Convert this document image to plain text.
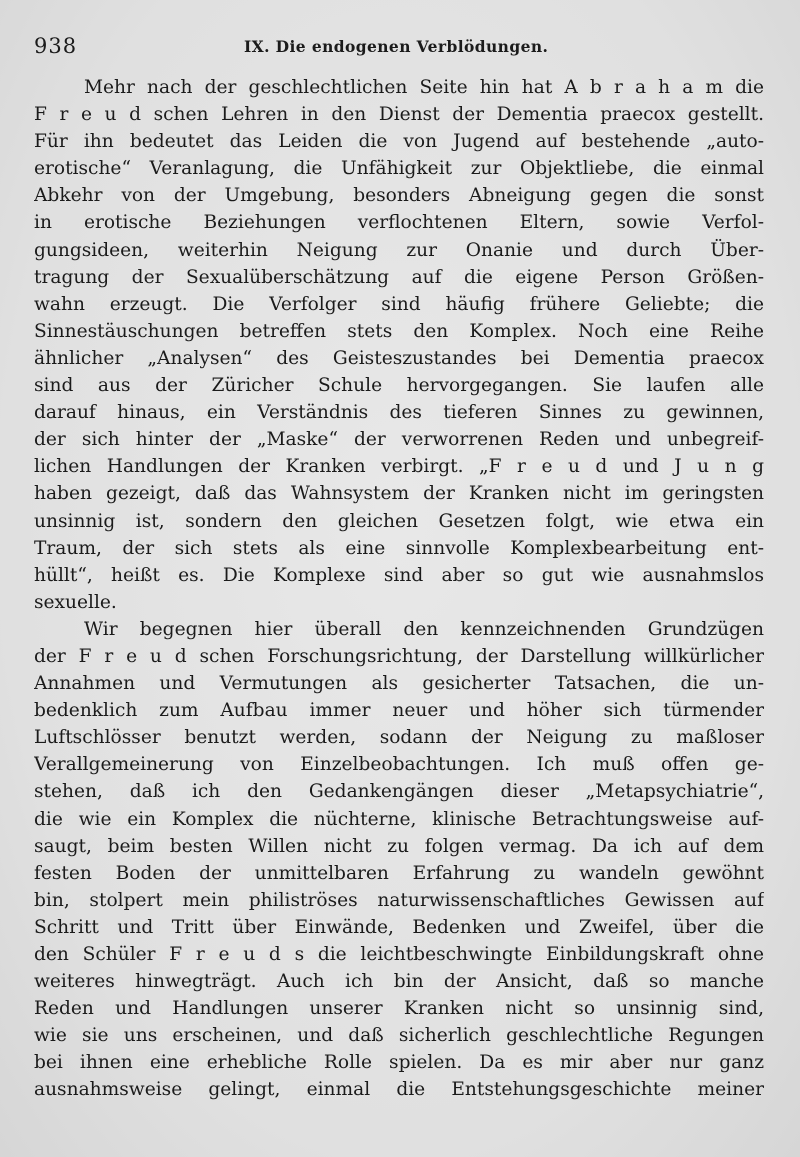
938	IX. Die endogenen Verblödungen.
Mehr nach der geschlechtlichen Seite hin hat A b r a h a m die
F r e u d schen Lehren in den Dienst der Dementia praecox gestellt.
Für ihn bedeutet das Leiden die von Jugend auf bestehende „auto-
erotische“ Veranlagung, die Unfähigkeit zur Objektliebe, die einmal
Abkehr von der Umgebung, besonders Abneigung gegen die sonst
in erotische Beziehungen verflochtenen Eltern, sowie Verfol-
gungsideen, weiterhin Neigung zur Onanie und durch Über-
tragung der Sexualüberschätzung auf die eigene Person Größen-
wahn erzeugt. Die Verfolger sind häufig frühere Geliebte; die
Sinnestäuschungen betreffen stets den Komplex. Noch eine Reihe
ähnlicher „Analysen“ des Geisteszustandes bei Dementia praecox
sind aus der Züricher Schule hervorgegangen. Sie laufen alle
darauf hinaus, ein Verständnis des tieferen Sinnes zu gewinnen,
der sich hinter der „Maske“ der verworrenen Reden und unbegreif-
lichen Handlungen der Kranken verbirgt. „F r e u d und J u n g
haben gezeigt, daß das Wahnsystem der Kranken nicht im geringsten
unsinnig ist, sondern den gleichen Gesetzen folgt, wie etwa ein
Traum, der sich stets als eine sinnvolle Komplexbearbeitung ent-
hüllt“, heißt es. Die Komplexe sind aber so gut wie ausnahmslos
sexuelle.
Wir begegnen hier überall den kennzeichnenden Grundzügen
der F r e u d schen Forschungsrichtung, der Darstellung willkürlicher
Annahmen und Vermutungen als gesicherter Tatsachen, die un-
bedenklich zum Aufbau immer neuer und höher sich türmender
Luftschlösser benutzt werden, sodann der Neigung zu maßloser
Verallgemeinerung von Einzelbeobachtungen. Ich muß offen ge-
stehen, daß ich den Gedankengängen dieser „Metapsychiatrie“,
die wie ein Komplex die nüchterne, klinische Betrachtungsweise auf-
saugt, beim besten Willen nicht zu folgen vermag. Da ich auf dem
festen Boden der unmittelbaren Erfahrung zu wandeln gewöhnt
bin, stolpert mein philiströses naturwissenschaftliches Gewissen auf
Schritt und Tritt über Einwände, Bedenken und Zweifel, über die
den Schüler F r e u d s die leichtbeschwingte Einbildungskraft ohne
weiteres hinwegträgt. Auch ich bin der Ansicht, daß so manche
Reden und Handlungen unserer Kranken nicht so unsinnig sind,
wie sie uns erscheinen, und daß sicherlich geschlechtliche Regungen
bei ihnen eine erhebliche Rolle spielen. Da es mir aber nur ganz
ausnahmsweise gelingt, einmal die Entstehungsgeschichte meiner
